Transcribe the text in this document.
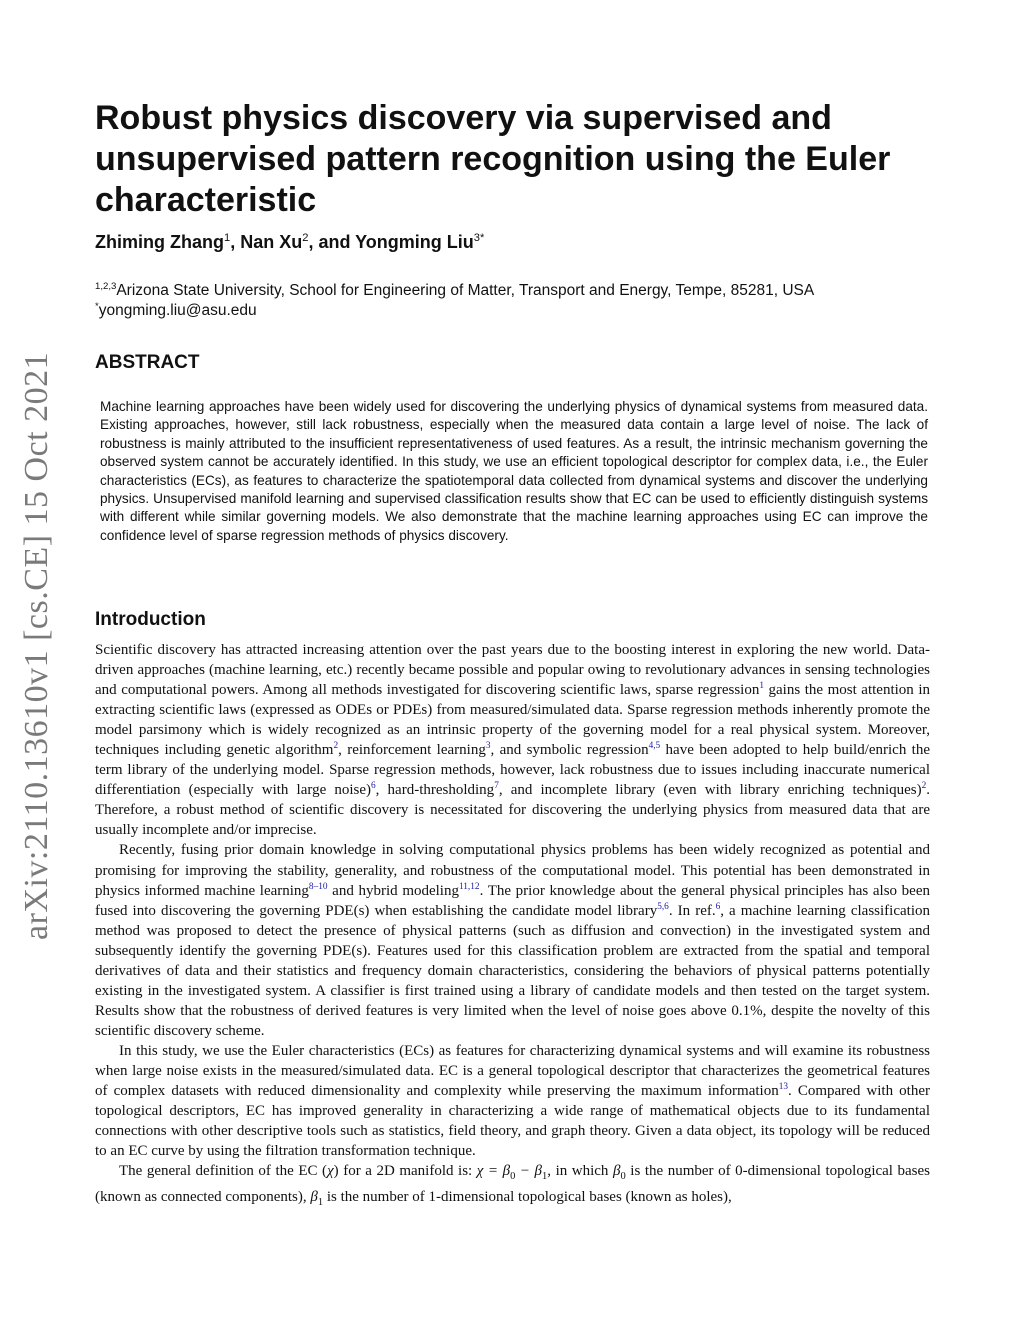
arXiv:2110.13610v1 [cs.CE] 15 Oct 2021
Robust physics discovery via supervised and unsupervised pattern recognition using the Euler characteristic
Zhiming Zhang$^1$, Nan Xu$^2$, and Yongming Liu$^{3*}$
$^{1,2,3}$Arizona State University, School for Engineering of Matter, Transport and Energy, Tempe, 85281, USA
*yongming.liu@asu.edu
ABSTRACT

Machine learning approaches have been widely used for discovering the underlying physics of dynamical systems from measured data. Existing approaches, however, still lack robustness, especially when the measured data contain a large level of noise. The lack of robustness is mainly attributed to the insufficient representativeness of used features. As a result, the intrinsic mechanism governing the observed system cannot be accurately identified. In this study, we use an efficient topological descriptor for complex data, i.e., the Euler characteristics (ECs), as features to characterize the spatiotemporal data collected from dynamical systems and discover the underlying physics. Unsupervised manifold learning and supervised classification results show that EC can be used to efficiently distinguish systems with different while similar governing models. We also demonstrate that the machine learning approaches using EC can improve the confidence level of sparse regression methods of physics discovery.

Introduction

Scientific discovery has attracted increasing attention over the past years due to the boosting interest in exploring the new world. Data-driven approaches (machine learning, etc.) recently became possible and popular owing to revolutionary advances in sensing technologies and computational powers. Among all methods investigated for discovering scientific laws, sparse regression$^1$ gains the most attention in extracting scientific laws (expressed as ODEs or PDEs) from measured/simulated data. Sparse regression methods inherently promote the model parsimony which is widely recognized as an intrinsic property of the governing model for a real physical system. Moreover, techniques including genetic algorithm$^2$, reinforcement learning$^3$, and symbolic regression$^{4,5}$ have been adopted to help build/enrich the term library of the underlying model. Sparse regression methods, however, lack robustness due to issues including inaccurate numerical differentiation (especially with large noise)$^6$, hard-thresholding$^7$, and incomplete library (even with library enriching techniques)$^2$. Therefore, a robust method of scientific discovery is necessitated for discovering the underlying physics from measured data that are usually incomplete and/or imprecise.

Recently, fusing prior domain knowledge in solving computational physics problems has been widely recognized as potential and promising for improving the stability, generality, and robustness of the computational model. This potential has been demonstrated in physics informed machine learning$^{8-10}$ and hybrid modeling$^{11,12}$. The prior knowledge about the general physical principles has also been fused into discovering the governing PDE(s) when establishing the candidate model library$^{5,6}$. In ref.$^6$, a machine learning classification method was proposed to detect the presence of physical patterns (such as diffusion and convection) in the investigated system and subsequently identify the governing PDE(s). Features used for this classification problem are extracted from the spatial and temporal derivatives of data and their statistics and frequency domain characteristics, considering the behaviors of physical patterns potentially existing in the investigated system. A classifier is first trained using a library of candidate models and then tested on the target system. Results show that the robustness of derived features is very limited when the level of noise goes above 0.1%, despite the novelty of this scientific discovery scheme.

In this study, we use the Euler characteristics (ECs) as features for characterizing dynamical systems and will examine its robustness when large noise exists in the measured/simulated data. EC is a general topological descriptor that characterizes the geometrical features of complex datasets with reduced dimensionality and complexity while preserving the maximum information$^{13}$. Compared with other topological descriptors, EC has improved generality in characterizing a wide range of mathematical objects due to its fundamental connections with other descriptive tools such as statistics, field theory, and graph theory. Given a data object, its topology will be reduced to an EC curve by using the filtration transformation technique.

The general definition of the EC (χ) for a 2D manifold is: $\chi = \beta_0 - \beta_1$, in which $\beta_0$ is the number of 0-dimensional topological bases (known as connected components), $\beta_1$ is the number of 1-dimensional topological bases (known as holes),
